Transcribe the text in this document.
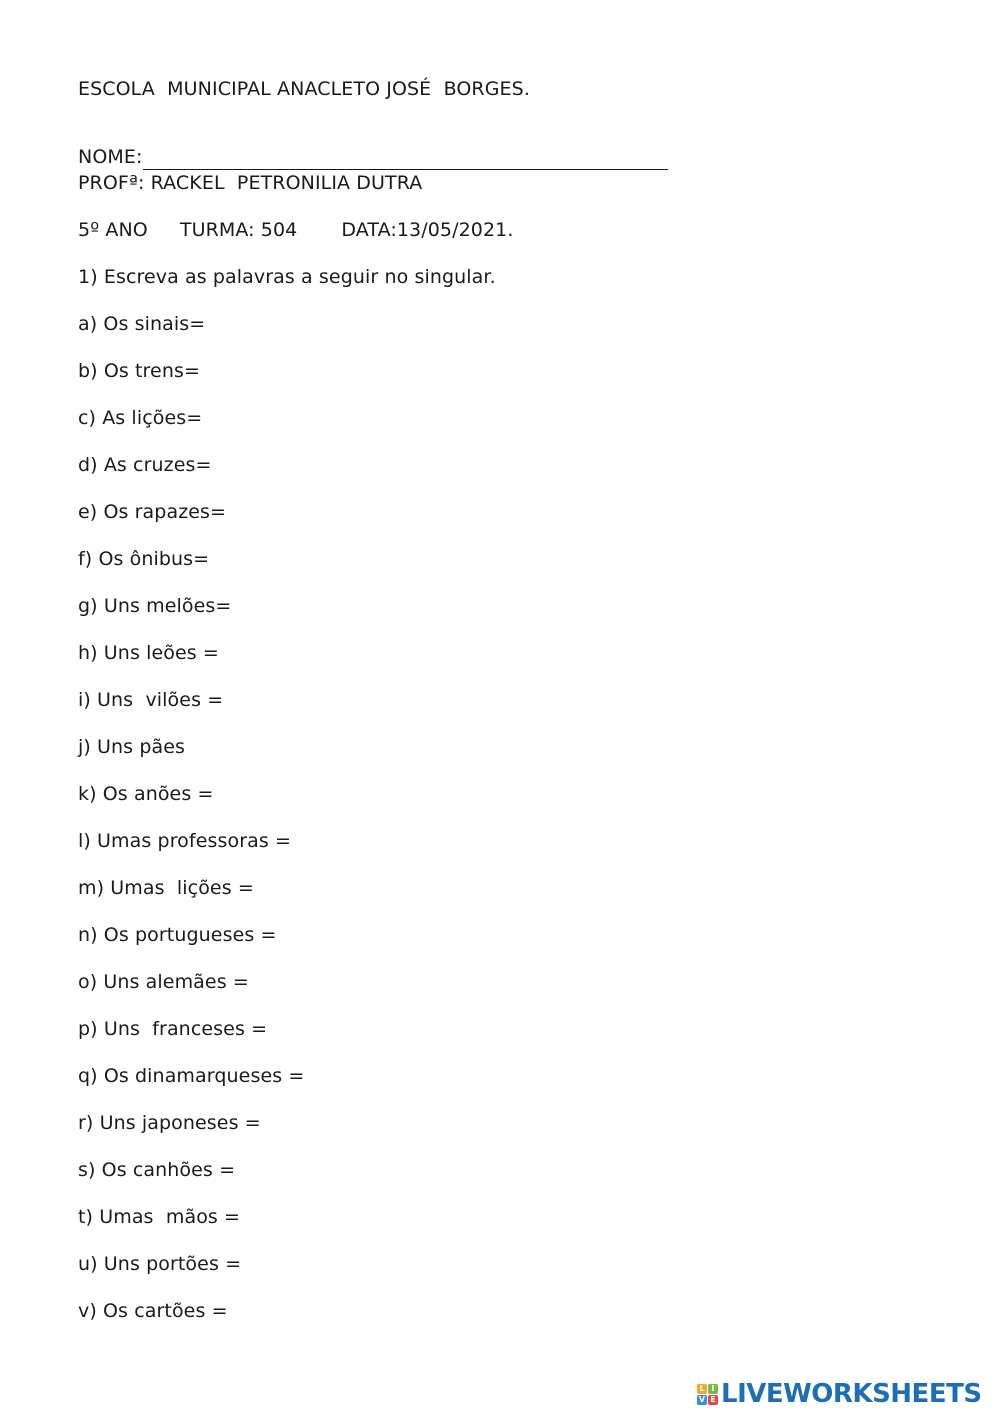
ESCOLA  MUNICIPAL ANACLETO JOSÉ  BORGES.
NOME:
PROFª: RACKEL  PETRONILIA DUTRA
5º ANO TURMA: 504 DATA:13/05/2021.
1) Escreva as palavras a seguir no singular.
a) Os sinais=
b) Os trens=
c) As lições=
d) As cruzes=
e) Os rapazes=
f) Os ônibus=
g) Uns melões=
h) Uns leões =
i) Uns  vilões =
j) Uns pães
k) Os anões =
l) Umas professoras =
m) Umas  lições =
n) Os portugueses =
o) Uns alemães =
p) Uns  franceses =
q) Os dinamarqueses =
r) Uns japoneses =
s) Os canhões =
t) Umas  mãos =
u) Uns portões =
v) Os cartões =
L I
V E LIVEWORKSHEETS
